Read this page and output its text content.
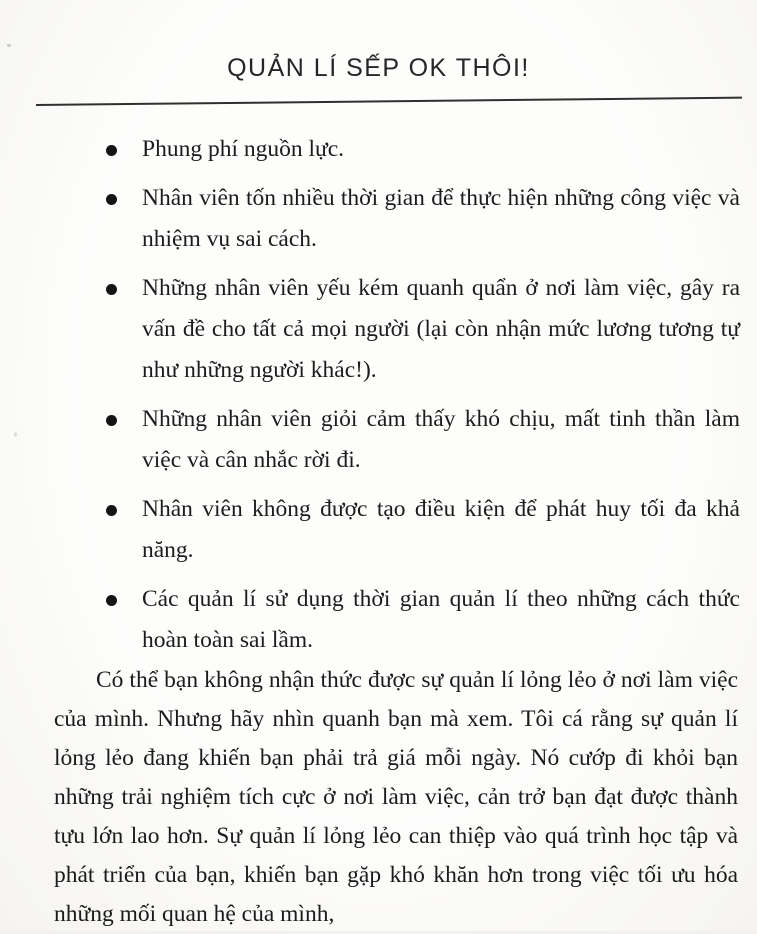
QUẢN LÍ SẾP OK THÔI!
Phung phí nguồn lực.
Nhân viên tốn nhiều thời gian để thực hiện những công việc và nhiệm vụ sai cách.
Những nhân viên yếu kém quanh quẩn ở nơi làm việc, gây ra vấn đề cho tất cả mọi người (lại còn nhận mức lương tương tự như những người khác!).
Những nhân viên giỏi cảm thấy khó chịu, mất tinh thần làm việc và cân nhắc rời đi.
Nhân viên không được tạo điều kiện để phát huy tối đa khả năng.
Các quản lí sử dụng thời gian quản lí theo những cách thức hoàn toàn sai lầm.

Có thể bạn không nhận thức được sự quản lí lỏng lẻo ở nơi làm việc của mình. Nhưng hãy nhìn quanh bạn mà xem. Tôi cá rằng sự quản lí lỏng lẻo đang khiến bạn phải trả giá mỗi ngày. Nó cướp đi khỏi bạn những trải nghiệm tích cực ở nơi làm việc, cản trở bạn đạt được thành tựu lớn lao hơn. Sự quản lí lỏng lẻo can thiệp vào quá trình học tập và phát triển của bạn, khiến bạn gặp khó khăn hơn trong việc tối ưu hóa những mối quan hệ của mình,
